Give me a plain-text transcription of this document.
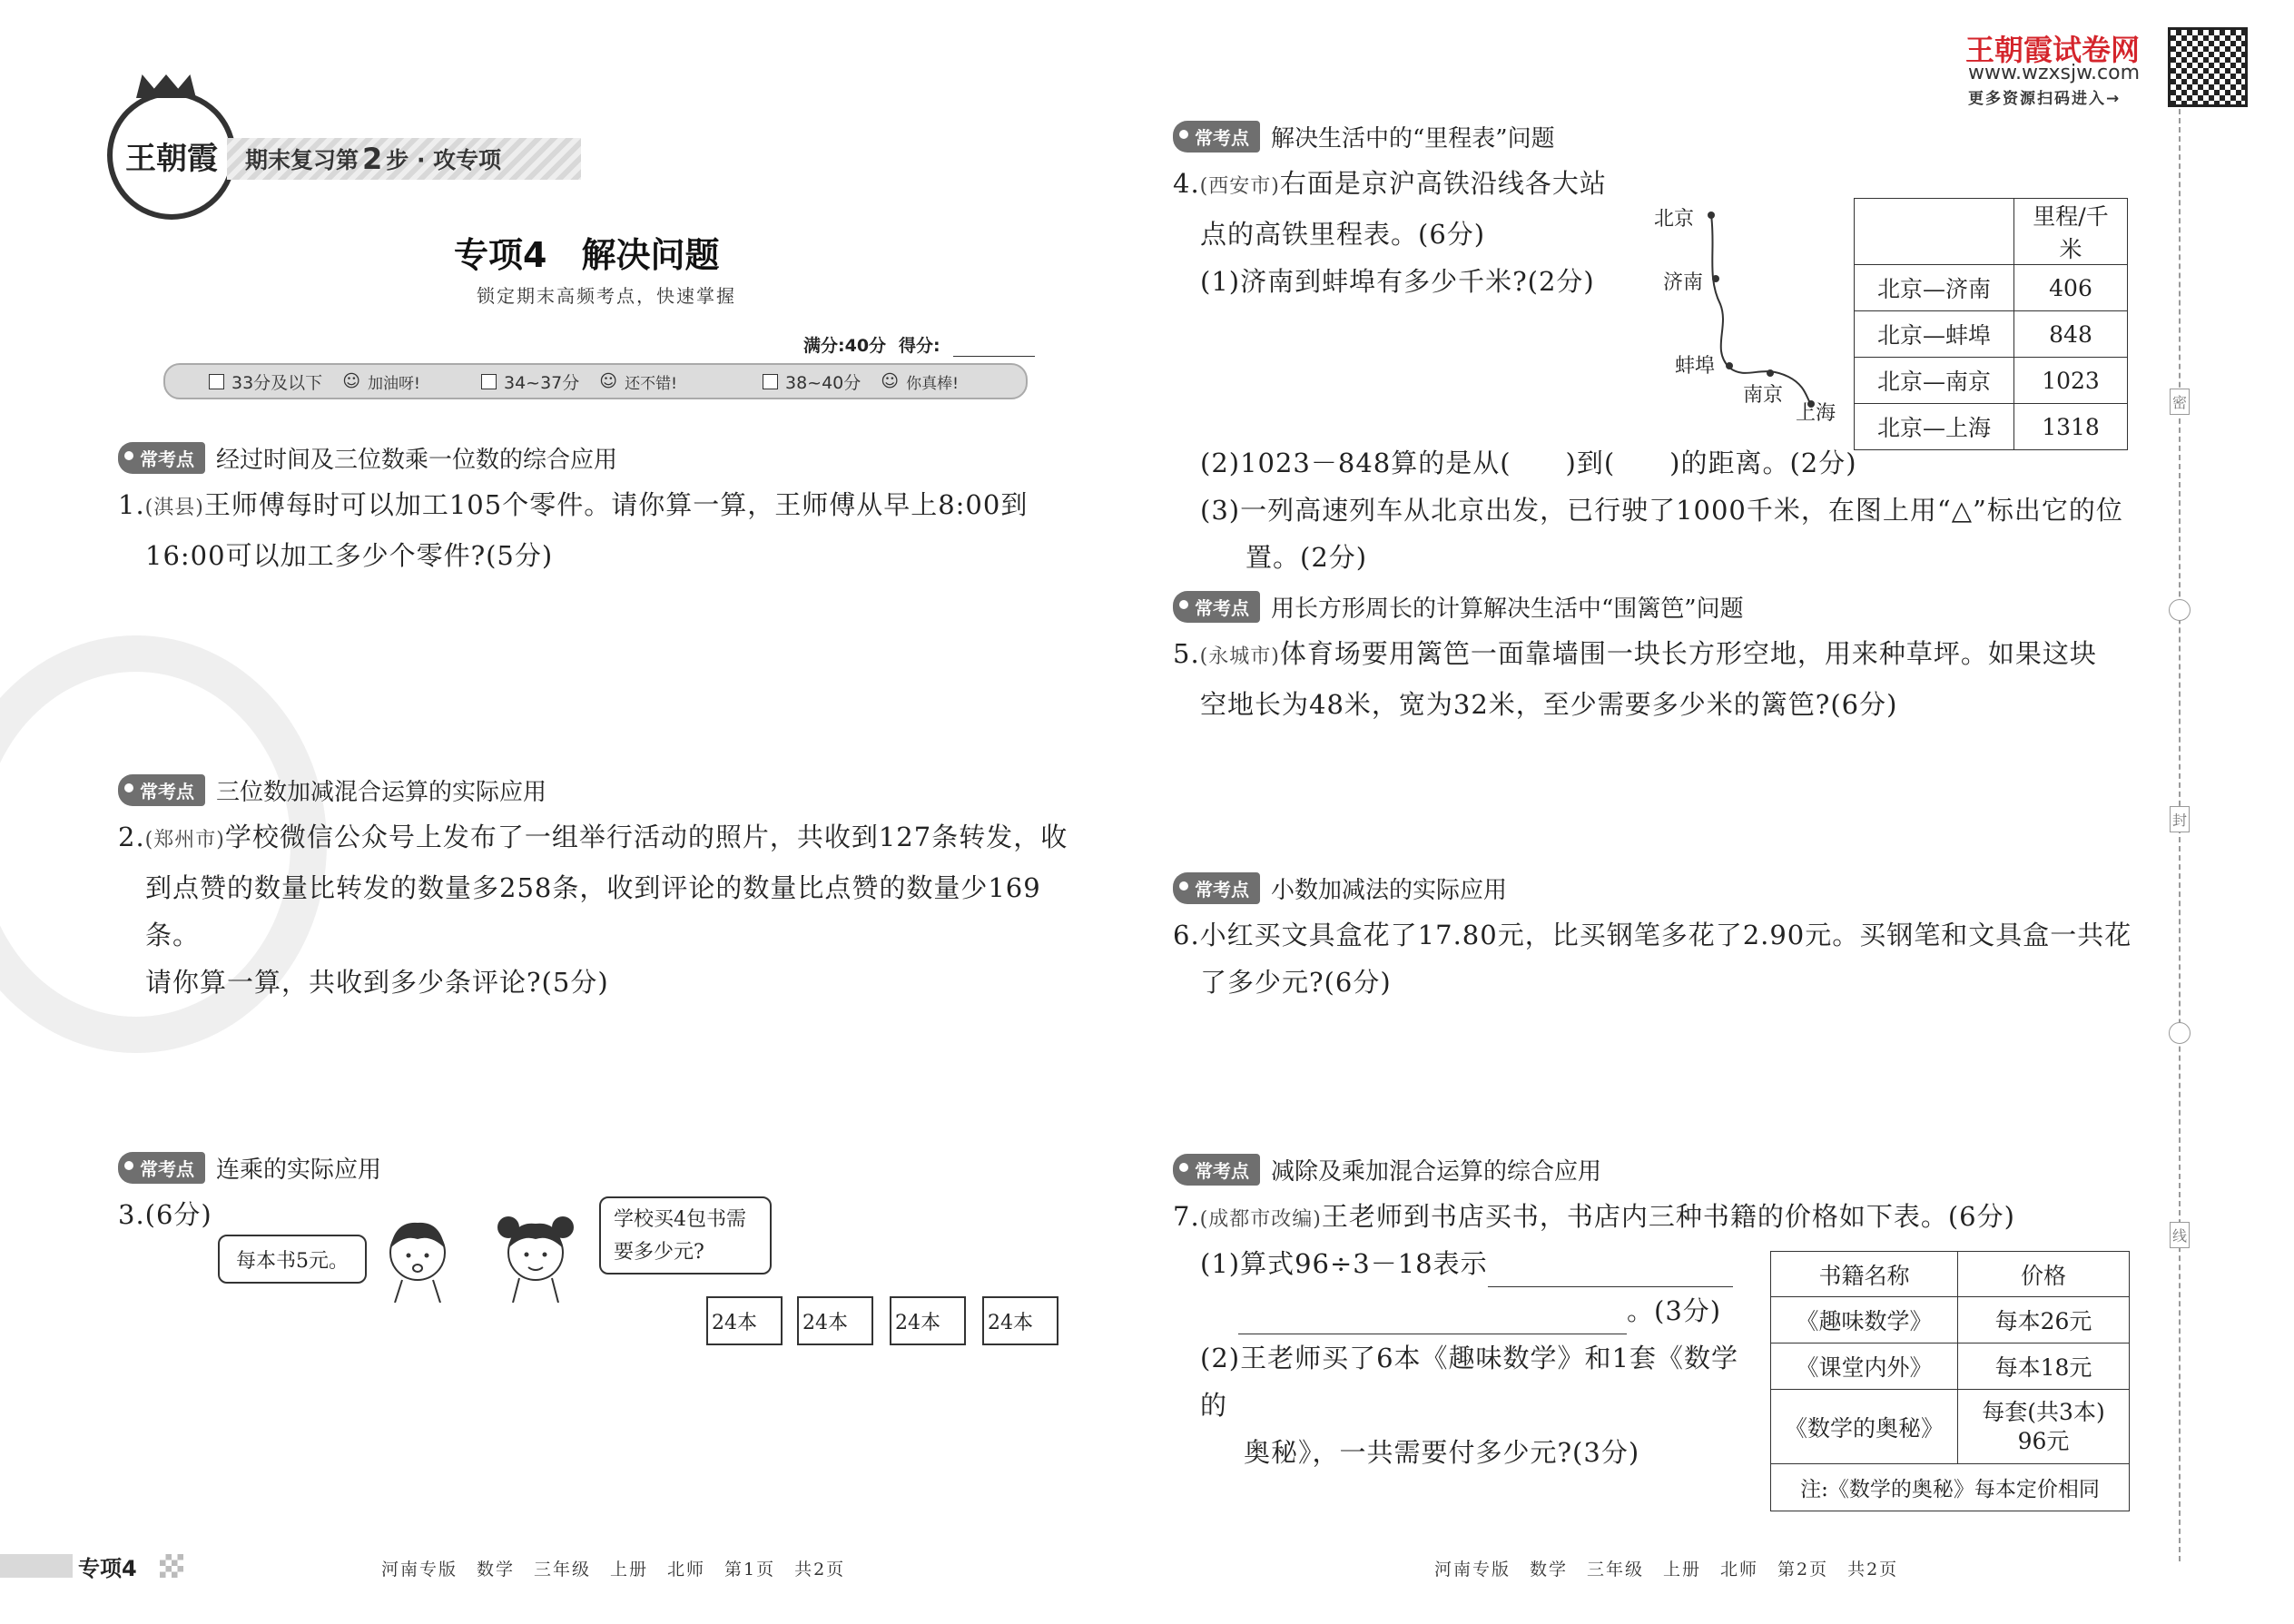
王朝霞 期末复习第 2 步 · 攻专项
专项4　解决问题
锁定期末高频考点，快速掌握
满分:40分 得分:
33分及以下 ☺ 加油呀!	34~37分 ☺ 还不错!	38~40分 ☺ 你真棒!
常考点 经过时间及三位数乘一位数的综合应用
1.(淇县)王师傅每时可以加工105个零件。请你算一算，王师傅从早上8:00到
16:00可以加工多少个零件?(5分)
常考点 三位数加减混合运算的实际应用
2.(郑州市)学校微信公众号上发布了一组举行活动的照片，共收到127条转发，收
到点赞的数量比转发的数量多258条，收到评论的数量比点赞的数量少169条。
请你算一算，共收到多少条评论?(5分)
常考点 连乘的实际应用
3.(6分)
每本书5元。
学校买4包书需
要多少元?
24本 24本 24本 24本
王朝霞试卷网
www.wzxsjw.com
更多资源扫码进入→
常考点 解决生活中的“里程表”问题
4.(西安市)右面是京沪高铁沿线各大站
点的高铁里程表。(6分)
(1)济南到蚌埠有多少千米?(2分)
北京
济南
蚌埠
南京
上海
	里程/千米
北京—济南	406
北京—蚌埠	848
北京—南京	1023
北京—上海	1318
(2)1023－848算的是从(　　)到(　　)的距离。(2分)
(3)一列高速列车从北京出发，已行驶了1000千米，在图上用“△”标出它的位
置。(2分)
常考点 用长方形周长的计算解决生活中“围篱笆”问题
5.(永城市)体育场要用篱笆一面靠墙围一块长方形空地，用来种草坪。如果这块
空地长为48米，宽为32米，至少需要多少米的篱笆?(6分)
常考点 小数加减法的实际应用
6.小红买文具盒花了17.80元，比买钢笔多花了2.90元。买钢笔和文具盒一共花
了多少元?(6分)
常考点 减除及乘加混合运算的综合应用
7.(成都市改编)王老师到书店买书，书店内三种书籍的价格如下表。(6分)
(1)算式96÷3－18表示
。(3分)
(2)王老师买了6本《趣味数学》和1套《数学的
奥秘》，一共需要付多少元?(3分)
书籍名称	价格
《趣味数学》	每本26元
《课堂内外》	每本18元
《数学的奥秘》	每套(共3本)
96元

注:《数学的奥秘》每本定价相同	
密
封
线
专项4	河南专版　数学　三年级　上册　北师　第1页　共2页	河南专版　数学　三年级　上册　北师　第2页　共2页
